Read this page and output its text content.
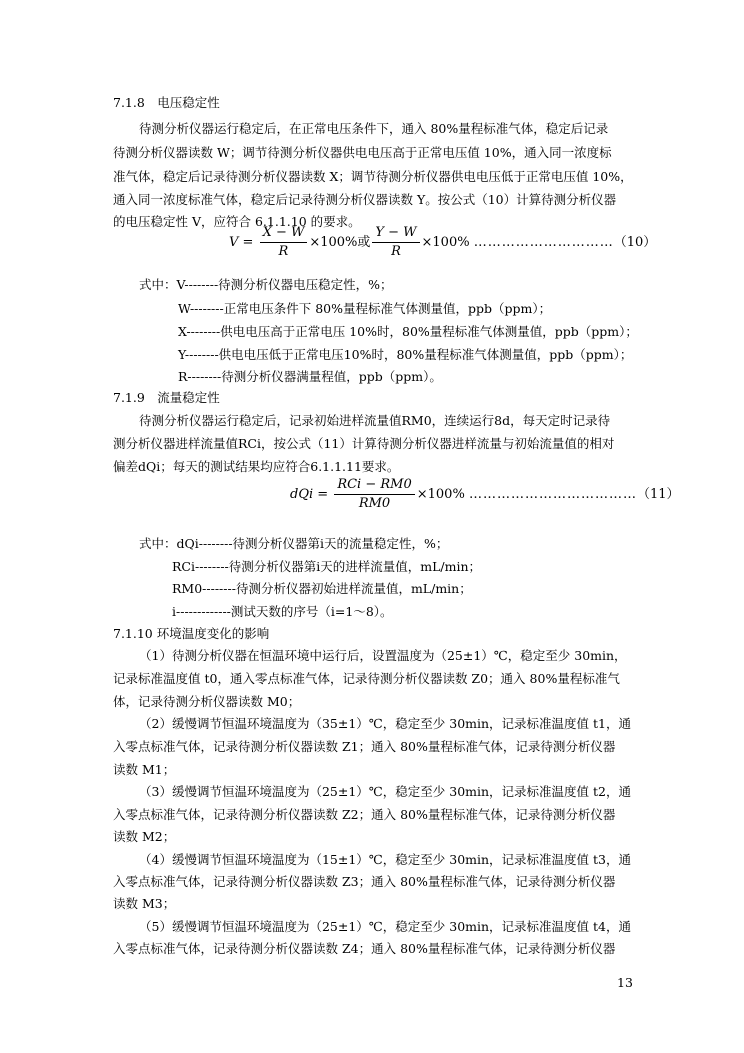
7.1.8　电压稳定性
待测分析仪器运行稳定后，在正常电压条件下，通入 80%量程标准气体，稳定后记录
待测分析仪器读数 W；调节待测分析仪器供电电压高于正常电压值 10%，通入同一浓度标
准气体，稳定后记录待测分析仪器读数 X；调节待测分析仪器供电电压低于正常电压值 10%，
通入同一浓度标准气体，稳定后记录待测分析仪器读数 Y。按公式（10）计算待测分析仪器
的电压稳定性 V，应符合 6.1.1.10 的要求。
$V = \frac{X - W}{R} \times 100\%$或 $\frac{Y - W}{R} \times 100\%$ …………………………（10）
式中：V--------待测分析仪器电压稳定性，%；
W--------正常电压条件下 80%量程标准气体测量值，ppb（ppm）；
X--------供电电压高于正常电压 10%时，80%量程标准气体测量值，ppb（ppm）；
Y--------供电电压低于正常电压10%时，80%量程标准气体测量值，ppb（ppm）；
R--------待测分析仪器满量程值，ppb（ppm）。
7.1.9　流量稳定性
待测分析仪器运行稳定后，记录初始进样流量值RM0，连续运行8d，每天定时记录待
测分析仪器进样流量值RCi，按公式（11）计算待测分析仪器进样流量与初始流量值的相对
偏差dQi；每天的测试结果均应符合6.1.1.11要求。
dQi = $\frac{\text{RCi − RM0}}{RM0} \times 100\%$ ………………………………（11）
式中：dQi--------待测分析仪器第i天的流量稳定性，%；
RCi--------待测分析仪器第i天的进样流量值，mL/min；
RM0--------待测分析仪器初始进样流量值，mL/min；
i-------------测试天数的序号（i=1～8）。
7.1.10 环境温度变化的影响
（1）待测分析仪器在恒温环境中运行后，设置温度为（25±1）℃，稳定至少 30min，
记录标准温度值 t0，通入零点标准气体，记录待测分析仪器读数 Z0；通入 80%量程标准气
体，记录待测分析仪器读数 M0；
（2）缓慢调节恒温环境温度为（35±1）℃，稳定至少 30min，记录标准温度值 t1，通
入零点标准气体，记录待测分析仪器读数 Z1；通入 80%量程标准气体，记录待测分析仪器
读数 M1；
（3）缓慢调节恒温环境温度为（25±1）℃，稳定至少 30min，记录标准温度值 t2，通
入零点标准气体，记录待测分析仪器读数 Z2；通入 80%量程标准气体，记录待测分析仪器
读数 M2；
（4）缓慢调节恒温环境温度为（15±1）℃，稳定至少 30min，记录标准温度值 t3，通
入零点标准气体，记录待测分析仪器读数 Z3；通入 80%量程标准气体，记录待测分析仪器
读数 M3；
（5）缓慢调节恒温环境温度为（25±1）℃，稳定至少 30min，记录标准温度值 t4，通
入零点标准气体，记录待测分析仪器读数 Z4；通入 80%量程标准气体，记录待测分析仪器
13
